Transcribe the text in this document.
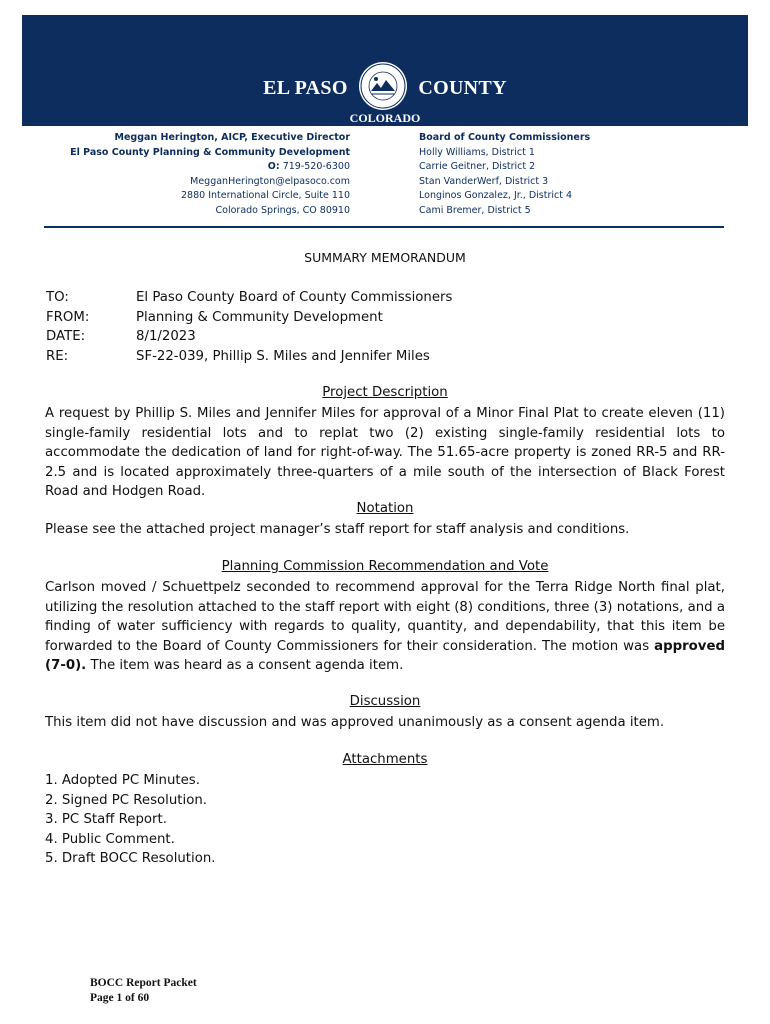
EL PASO	COUNTY
COLORADO
Meggan Herington, AICP, Executive Director
El Paso County Planning & Community Development
O: 719-520-6300
MegganHerington@elpasoco.com
2880 International Circle, Suite 110
Colorado Springs, CO 80910
Board of County Commissioners
Holly Williams, District 1
Carrie Geitner, District 2
Stan VanderWerf, District 3
Longinos Gonzalez, Jr., District 4
Cami Bremer, District 5
SUMMARY MEMORANDUM
TO:	El Paso County Board of County Commissioners
FROM:	Planning & Community Development
DATE:	8/1/2023
RE:	SF-22-039, Phillip S. Miles and Jennifer Miles
Project Description
A request by Phillip S. Miles and Jennifer Miles for approval of a Minor Final Plat to create eleven (11) single-family residential lots and to replat two (2) existing single-family residential lots to accommodate the dedication of land for right-of-way. The 51.65-acre property is zoned RR-5 and RR-2.5 and is located approximately three-quarters of a mile south of the intersection of Black Forest Road and Hodgen Road.
Notation
Please see the attached project manager’s staff report for staff analysis and conditions.
Planning Commission Recommendation and Vote
Carlson moved / Schuettpelz seconded to recommend approval for the Terra Ridge North final plat, utilizing the resolution attached to the staff report with eight (8) conditions, three (3) notations, and a finding of water sufficiency with regards to quality, quantity, and dependability, that this item be forwarded to the Board of County Commissioners for their consideration. The motion was approved (7-0). The item was heard as a consent agenda item.
Discussion
This item did not have discussion and was approved unanimously as a consent agenda item.
Attachments
1. Adopted PC Minutes.
2. Signed PC Resolution.
3. PC Staff Report.
4. Public Comment.
5. Draft BOCC Resolution.
BOCC Report Packet
Page 1 of 60
